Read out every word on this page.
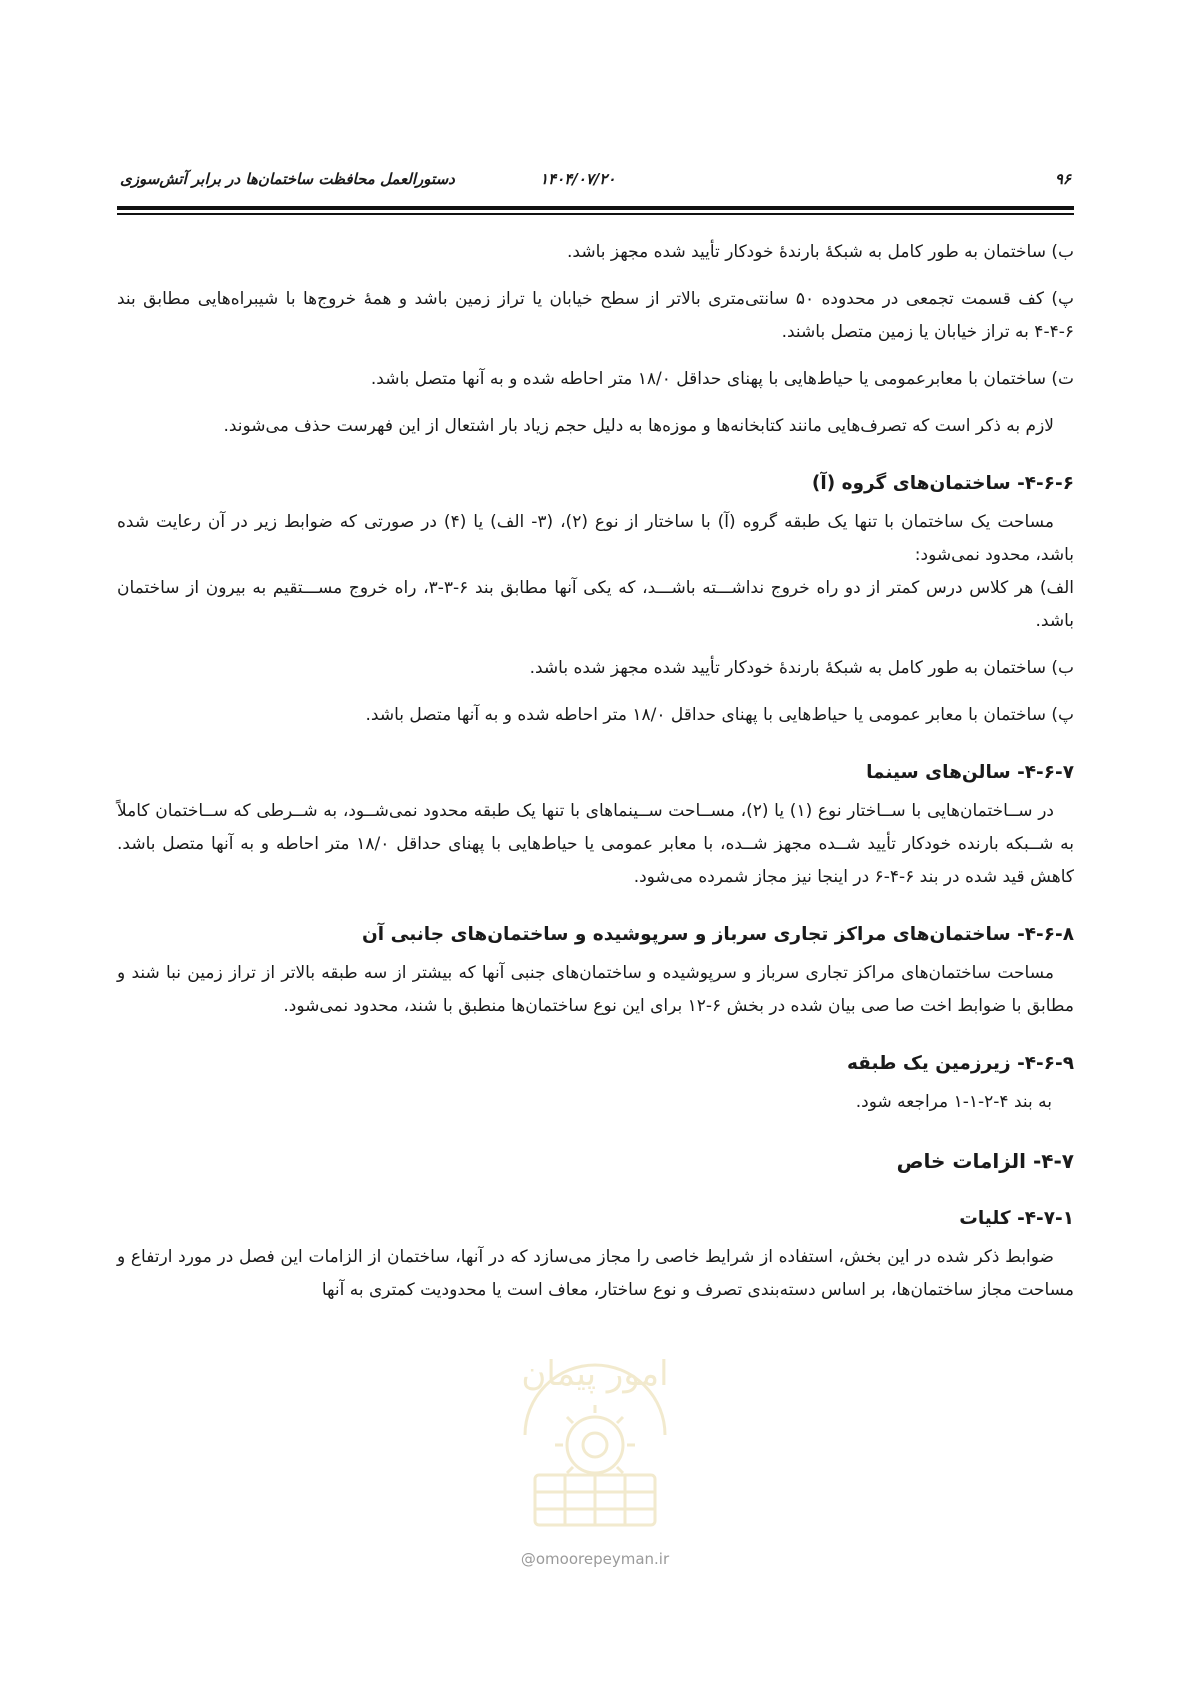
۹۶
۱۴۰۴/۰۷/۲۰
دستورالعمل محافظت ساختمان‌ها در برابر آتش‌سوزی

ب) ساختمان به طور کامل به شبکهٔ بارندهٔ خودکار تأیید شده مجهز باشد.

پ) کف قسمت تجمعی در محدوده ۵۰ سانتی‌متری بالاتر از سطح خیابان یا تراز زمین باشد و همهٔ خروج‌ها با شیبراه‌هایی مطابق بند ۶-۴-۴ به تراز خیابان یا زمین متصل باشند.

ت) ساختمان با معابرعمومی یا حیاط‌هایی با پهنای حداقل ۱۸/۰ متر احاطه شده و به آنها متصل باشد.

لازم به ذکر است که تصرف‌هایی مانند کتابخانه‌ها و موزه‌ها به دلیل حجم زیاد بار اشتعال از این فهرست حذف می‌شوند.

۴-۶-۶- ساختمان‌های گروه (آ)

مساحت یک ساختمان با تنها یک طبقه گروه (آ) با ساختار از نوع (۲)، (۳- الف) یا (۴) در صورتی که ضوابط زیر در آن رعایت شده باشد، محدود نمی‌شود:

الف) هر کلاس درس کمتر از دو راه خروج نداشـــته باشـــد، که یکی آنها مطابق بند ۶-۳-۳، راه خروج مســـتقیم به بیرون از ساختمان باشد.

ب) ساختمان به طور کامل به شبکهٔ بارندهٔ خودکار تأیید شده مجهز شده باشد.

پ) ساختمان با معابر عمومی یا حیاط‌هایی با پهنای حداقل ۱۸/۰ متر احاطه شده و به آنها متصل باشد.

۴-۶-۷- سالن‌های سینما

در ســاختمان‌هایی با ســاختار نوع (۱) یا (۲)، مســاحت ســینماهای با تنها یک طبقه محدود نمی‌شــود، به شــرطی که ســاختمان کاملاً به شــبکه بارنده خودکار تأیید شــده مجهز شــده، با معابر عمومی یا حیاط‌هایی با پهنای حداقل ۱۸/۰ متر احاطه و به آنها متصل باشد. کاهش قید شده در بند ۶-۴-۶ در اینجا نیز مجاز شمرده می‌شود.

۴-۶-۸- ساختمان‌های مراکز تجاری سرباز و سرپوشیده و ساختمان‌های جانبی آن

مساحت ساختمان‌های مراکز تجاری سرباز و سرپوشیده و ساختمان‌های جنبی آنها که بیشتر از سه طبقه بالاتر از تراز زمین نبا شند و مطابق با ضوابط اخت صا صی بیان شده در بخش ۶-۱۲ برای این نوع ساختمان‌ها منطبق با شند، محدود نمی‌شود.

۴-۶-۹- زیرزمین یک طبقه

به بند ۴-۲-۱-۱ مراجعه شود.

۴-۷- الزامات خاص
۴-۷-۱- کلیات

ضوابط ذکر شده در این بخش، استفاده از شرایط خاصی را مجاز می‌سازد که در آنها، ساختمان از الزامات این فصل در مورد ارتفاع و مساحت مجاز ساختمان‌ها، بر اساس دسته‌بندی تصرف و نوع ساختار، معاف است یا محدودیت کمتری به آنها

امور پیمان
@omoorepeyman.ir
